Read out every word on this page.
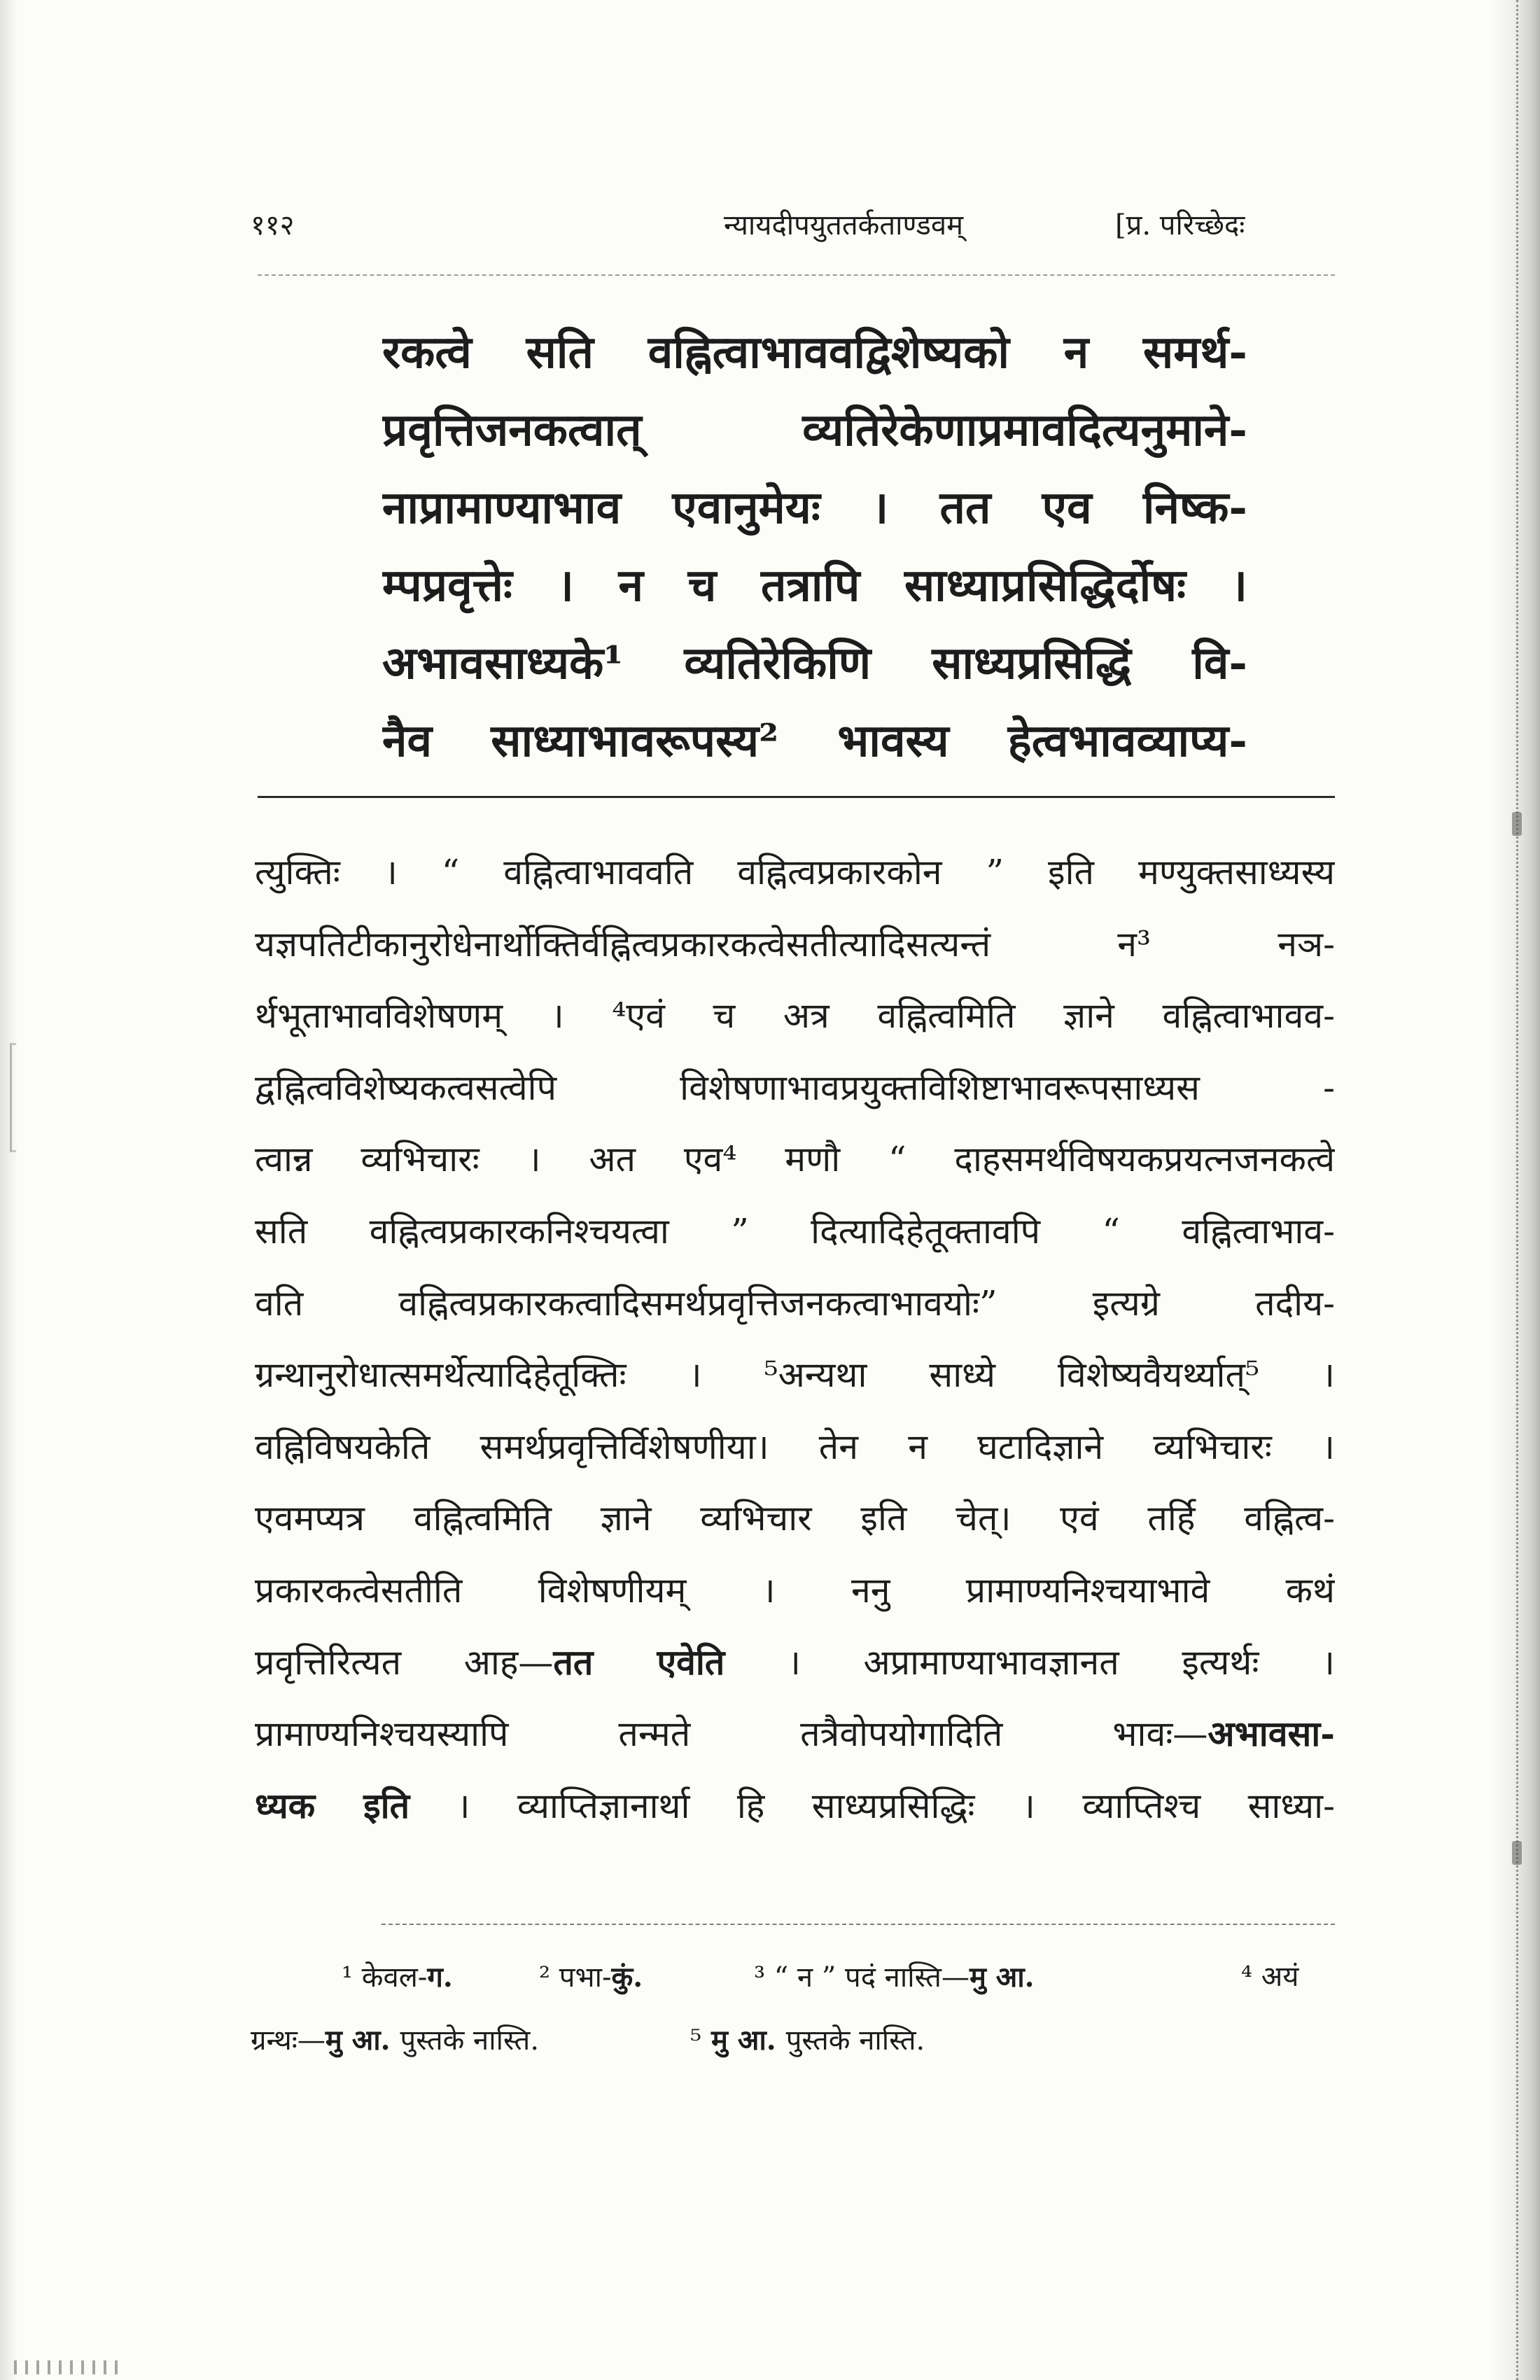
११२	न्यायदीपयुततर्कताण्डवम्	[प्र. परिच्छेदः
रकत्वे सति वह्नित्वाभाववद्विशेष्यको न समर्थ-
प्रवृत्तिजनकत्वात् व्यतिरेकेणाप्रमावदित्यनुमाने-
नाप्रामाण्याभाव एवानुमेयः । तत एव निष्क-
म्पप्रवृत्तेः । न च तत्रापि साध्याप्रसिद्धिर्दोषः ।
अभावसाध्यके¹ व्यतिरेकिणि साध्यप्रसिद्धिं वि-
नैव साध्याभावरूपस्य² भावस्य हेत्वभावव्याप्य-
त्युक्तिः । “ वह्नित्वाभाववति वह्नित्वप्रकारकोन ” इति मण्युक्तसाध्यस्य
यज्ञपतिटीकानुरोधेनार्थोक्तिर्वह्नित्वप्रकारकत्वेसतीत्यादिसत्यन्तं न³ नञ-
र्थभूताभावविशेषणम् । ⁴एवं च अत्र वह्नित्वमिति ज्ञाने वह्नित्वाभावव-
द्वह्नित्वविशेष्यकत्वसत्वेपि विशेषणाभावप्रयुक्तविशिष्टाभावरूपसाध्यस -
त्वान्न व्यभिचारः । अत एव⁴ मणौ “ दाहसमर्थविषयकप्रयत्नजनकत्वे
सति वह्नित्वप्रकारकनिश्चयत्वा ” दित्यादिहेतूक्तावपि “ वह्नित्वाभाव-
वति वह्नित्वप्रकारकत्वादिसमर्थप्रवृत्तिजनकत्वाभावयोः” इत्यग्रे तदीय-
ग्रन्थानुरोधात्समर्थेत्यादिहेतूक्तिः । ⁵अन्यथा साध्ये विशेष्यवैयर्थ्यात्⁵ ।
वह्निविषयकेति समर्थप्रवृत्तिर्विशेषणीया। तेन न घटादिज्ञाने व्यभिचारः ।
एवमप्यत्र वह्नित्वमिति ज्ञाने व्यभिचार इति चेत्। एवं तर्हि वह्नित्व-
प्रकारकत्वेसतीति विशेषणीयम् । ननु प्रामाण्यनिश्चयाभावे कथं
प्रवृत्तिरित्यत आह—तत एवेति । अप्रामाण्याभावज्ञानत इत्यर्थः ।
प्रामाण्यनिश्चयस्यापि तन्मते तत्रैवोपयोगादिति भावः—अभावसा-
ध्यक इति । व्याप्तिज्ञानार्था हि साध्यप्रसिद्धिः । व्याप्तिश्च साध्या-
¹ केवल-ग.	² पभा-कुं.	³ “ न ” पदं नास्ति—मु आ.	⁴ अयं
ग्रन्थः—मु आ. पुस्तके नास्ति.	⁵ मु आ. पुस्तके नास्ति.
